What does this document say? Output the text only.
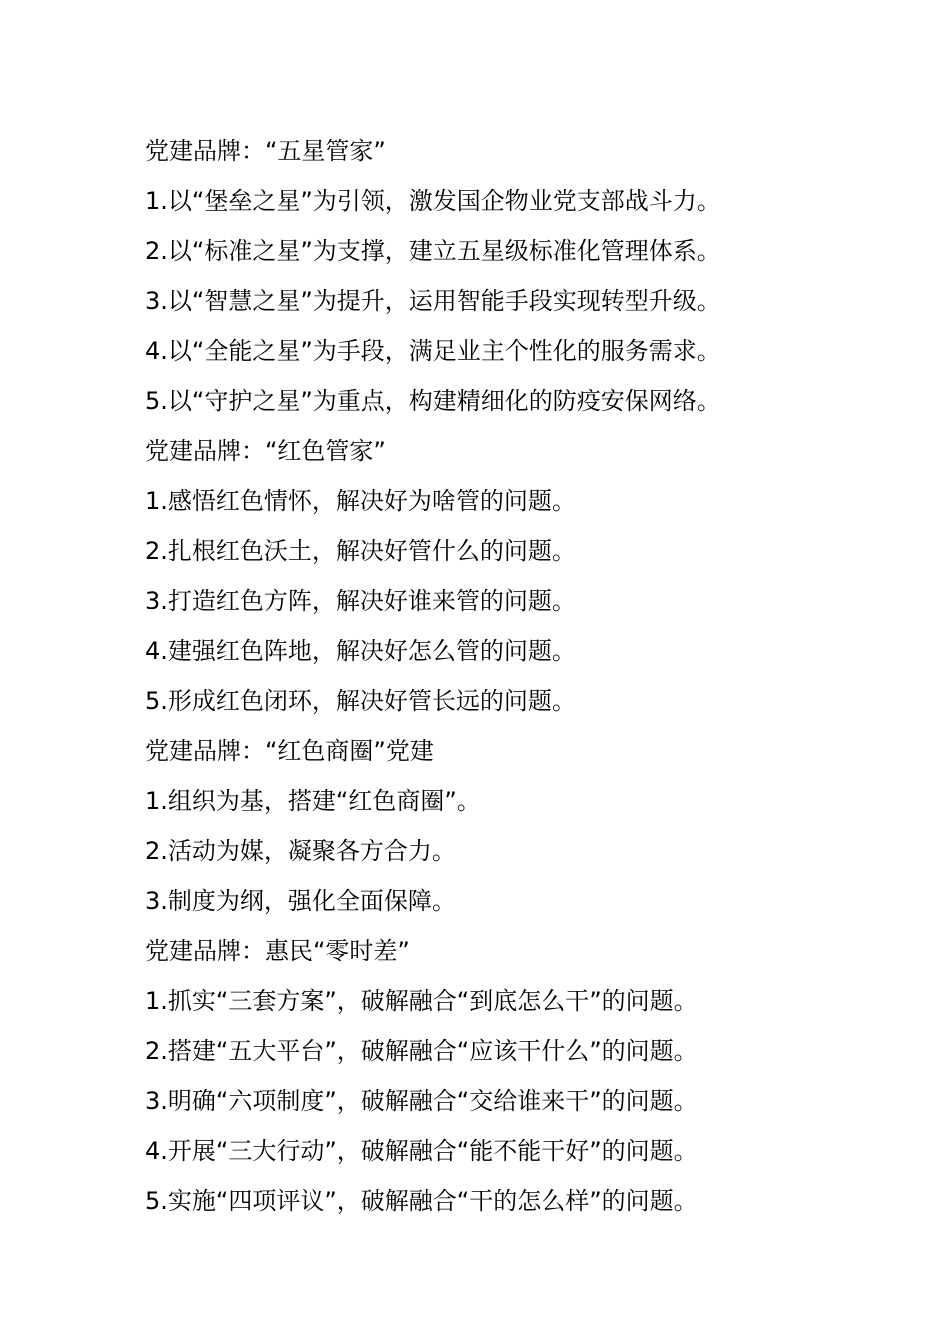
党建品牌：“五星管家”
1.以“堡垒之星”为引领，激发国企物业党支部战斗力。
2.以“标准之星”为支撑，建立五星级标准化管理体系。
3.以“智慧之星”为提升，运用智能手段实现转型升级。
4.以“全能之星”为手段，满足业主个性化的服务需求。
5.以“守护之星”为重点，构建精细化的防疫安保网络。
党建品牌：“红色管家”
1.感悟红色情怀，解决好为啥管的问题。
2.扎根红色沃土，解决好管什么的问题。
3.打造红色方阵，解决好谁来管的问题。
4.建强红色阵地，解决好怎么管的问题。
5.形成红色闭环，解决好管长远的问题。
党建品牌：“红色商圈”党建
1.组织为基，搭建“红色商圈”。
2.活动为媒，凝聚各方合力。
3.制度为纲，强化全面保障。
党建品牌：惠民“零时差”
1.抓实“三套方案”，破解融合“到底怎么干”的问题。
2.搭建“五大平台”，破解融合“应该干什么”的问题。
3.明确“六项制度”，破解融合“交给谁来干”的问题。
4.开展“三大行动”，破解融合“能不能干好”的问题。
5.实施“四项评议”，破解融合“干的怎么样”的问题。
